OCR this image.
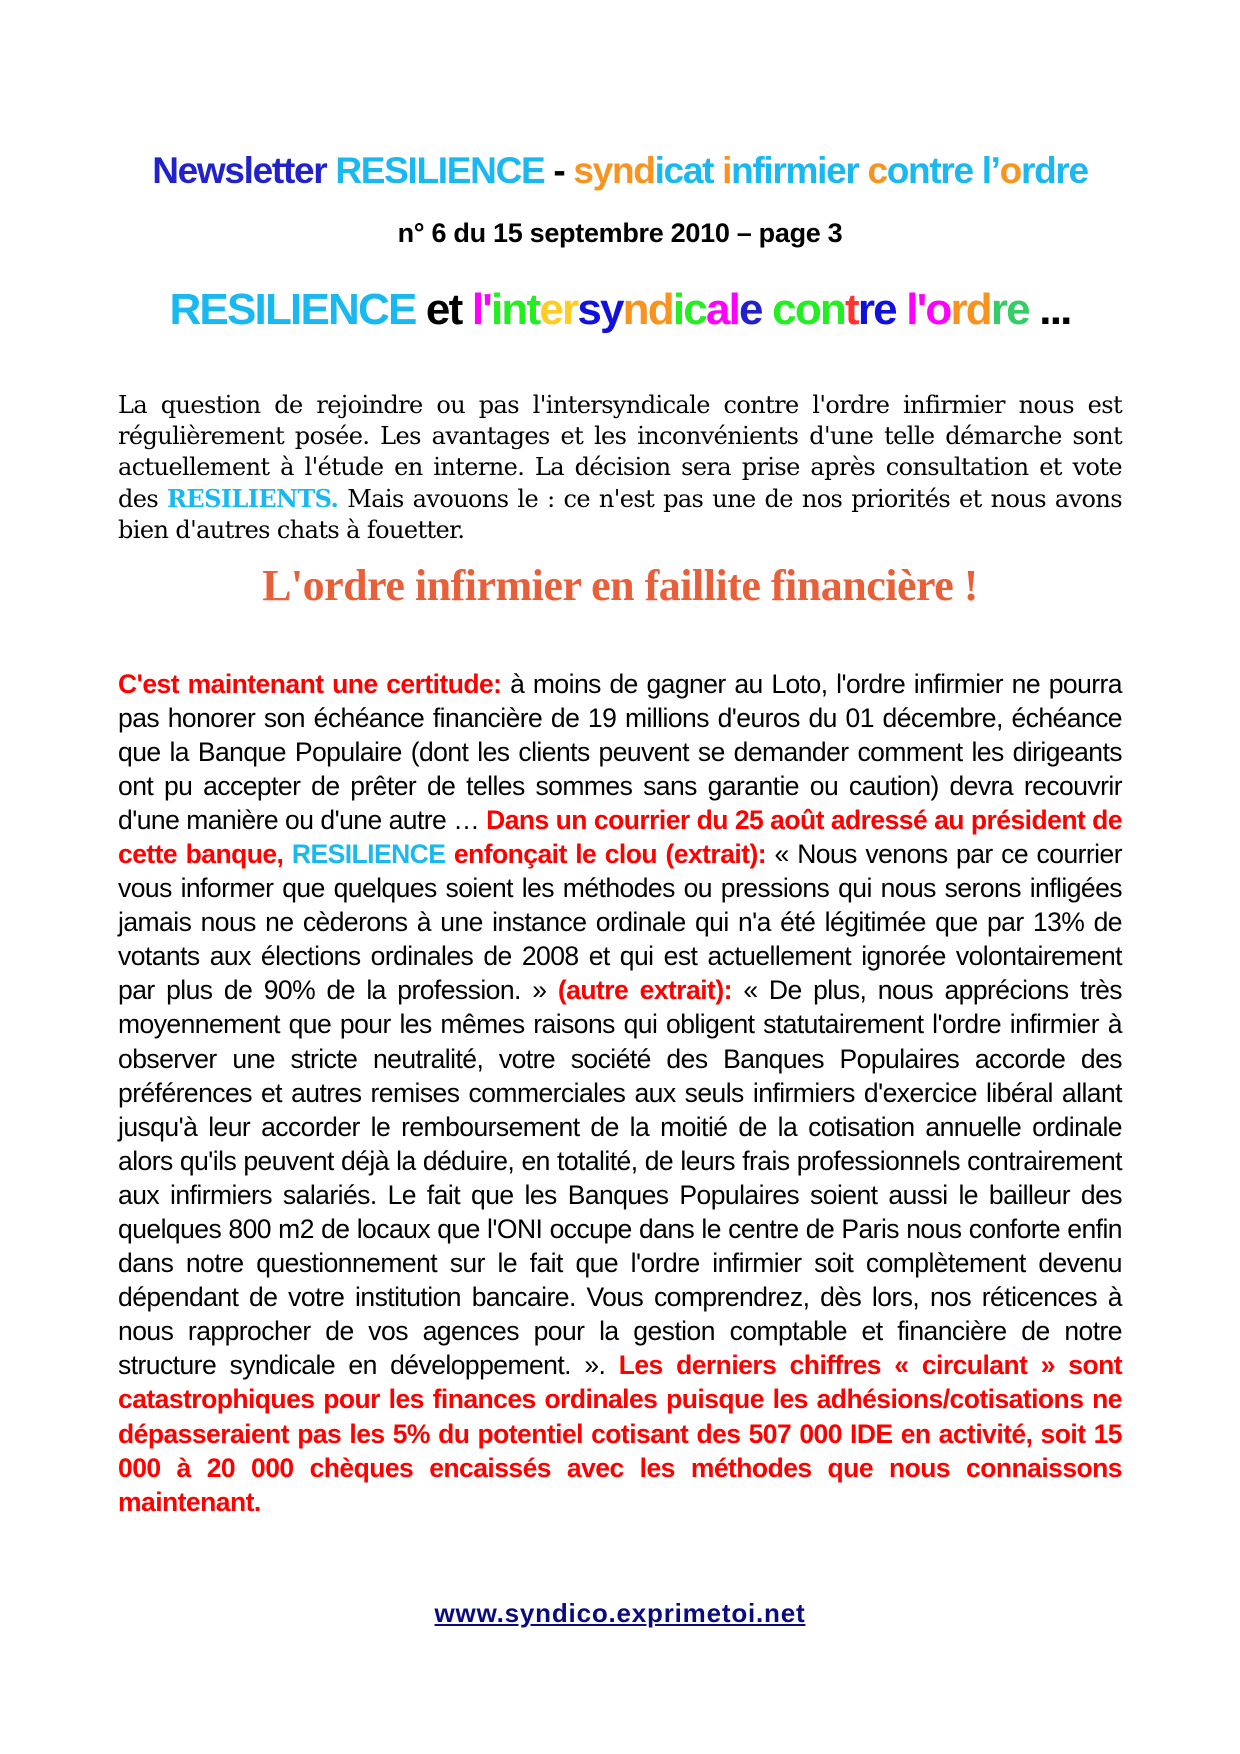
Newsletter RESILIENCE - syndicat infirmier contre l’ordre
n° 6 du 15 septembre 2010 – page 3
RESILIENCE et l'intersyndicale contre l'ordre ...

La question de rejoindre ou pas l'intersyndicale contre l'ordre infirmier nous est régulièrement posée. Les avantages et les inconvénients d'une telle démarche sont actuellement à l'étude en interne. La décision sera prise après consultation et vote des RESILIENTS. Mais avouons le : ce n'est pas une de nos priorités et nous avons bien d'autres chats à fouetter.

L'ordre infirmier en faillite financière !

C'est maintenant une certitude: à moins de gagner au Loto, l'ordre infirmier ne pourra pas honorer son échéance financière de 19 millions d'euros du 01 décembre, échéance que la Banque Populaire (dont les clients peuvent se demander comment les dirigeants ont pu accepter de prêter de telles sommes sans garantie ou caution) devra recouvrir d'une manière ou d'une autre … Dans un courrier du 25 août adressé au président de cette banque, RESILIENCE enfonçait le clou (extrait): « Nous venons par ce courrier vous informer que quelques soient les méthodes ou pressions qui nous serons infligées jamais nous ne cèderons à une instance ordinale qui n'a été légitimée que par 13% de votants aux élections ordinales de 2008 et qui est actuellement ignorée volontairement par plus de 90% de la profession. » (autre extrait): « De plus, nous apprécions très moyennement que pour les mêmes raisons qui obligent statutairement l'ordre infirmier à observer une stricte neutralité, votre société des Banques Populaires accorde des préférences et autres remises commerciales aux seuls infirmiers d'exercice libéral allant jusqu'à leur accorder le remboursement de la moitié de la cotisation annuelle ordinale alors qu'ils peuvent déjà la déduire, en totalité, de leurs frais professionnels contrairement aux infirmiers salariés. Le fait que les Banques Populaires soient aussi le bailleur des quelques 800 m2 de locaux que l'ONI occupe dans le centre de Paris nous conforte enfin dans notre questionnement sur le fait que l'ordre infirmier soit complètement devenu dépendant de votre institution bancaire. Vous comprendrez, dès lors, nos réticences à nous rapprocher de vos agences pour la gestion comptable et financière de notre structure syndicale en développement. ». Les derniers chiffres « circulant » sont catastrophiques pour les finances ordinales puisque les adhésions/cotisations ne dépasseraient pas les 5% du potentiel cotisant des 507 000 IDE en activité, soit 15 000 à 20 000 chèques encaissés avec les méthodes que nous connaissons maintenant.

www.syndico.exprimetoi.net
